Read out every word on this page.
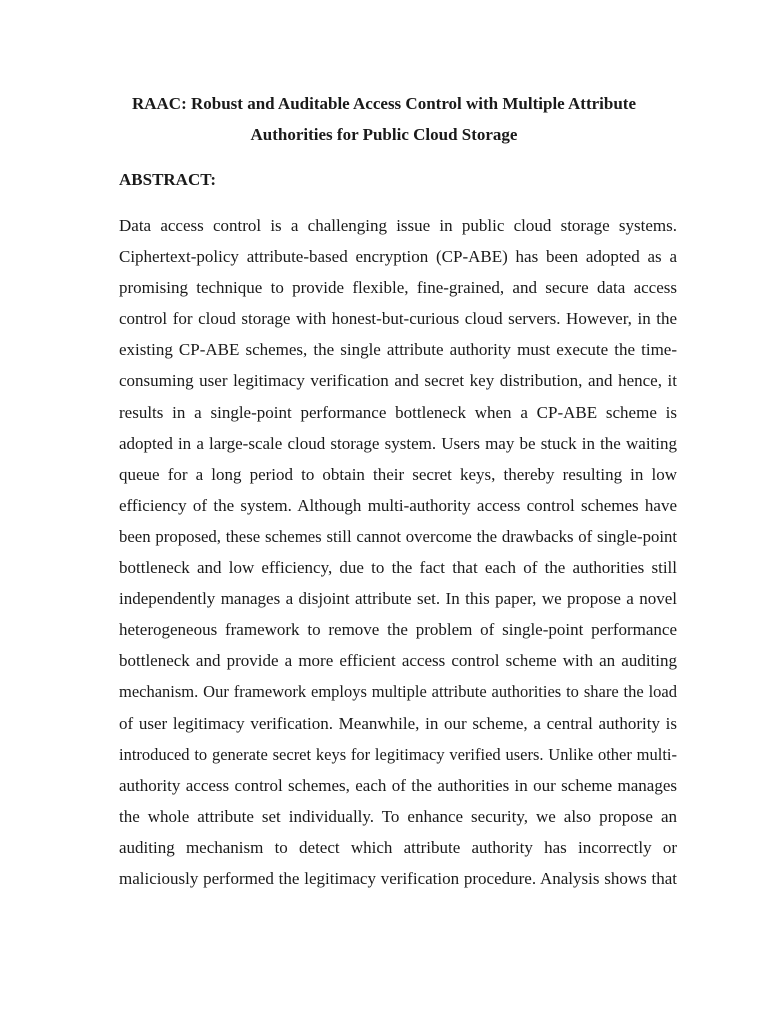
RAAC: Robust and Auditable Access Control with Multiple Attribute
Authorities for Public Cloud Storage
ABSTRACT:
Data access control is a challenging issue in public cloud storage systems.
Ciphertext-policy attribute-based encryption (CP-ABE) has been adopted as a
promising technique to provide flexible, fine-grained, and secure data access
control for cloud storage with honest-but-curious cloud servers. However, in the
existing CP-ABE schemes, the single attribute authority must execute the time-
consuming user legitimacy verification and secret key distribution, and hence, it
results in a single-point performance bottleneck when a CP-ABE scheme is
adopted in a large-scale cloud storage system. Users may be stuck in the waiting
queue for a long period to obtain their secret keys, thereby resulting in low
efficiency of the system. Although multi-authority access control schemes have
been proposed, these schemes still cannot overcome the drawbacks of single-point
bottleneck and low efficiency, due to the fact that each of the authorities still
independently manages a disjoint attribute set. In this paper, we propose a novel
heterogeneous framework to remove the problem of single-point performance
bottleneck and provide a more efficient access control scheme with an auditing
mechanism. Our framework employs multiple attribute authorities to share the load
of user legitimacy verification. Meanwhile, in our scheme, a central authority is
introduced to generate secret keys for legitimacy verified users. Unlike other multi-
authority access control schemes, each of the authorities in our scheme manages
the whole attribute set individually. To enhance security, we also propose an
auditing mechanism to detect which attribute authority has incorrectly or
maliciously performed the legitimacy verification procedure. Analysis shows that
